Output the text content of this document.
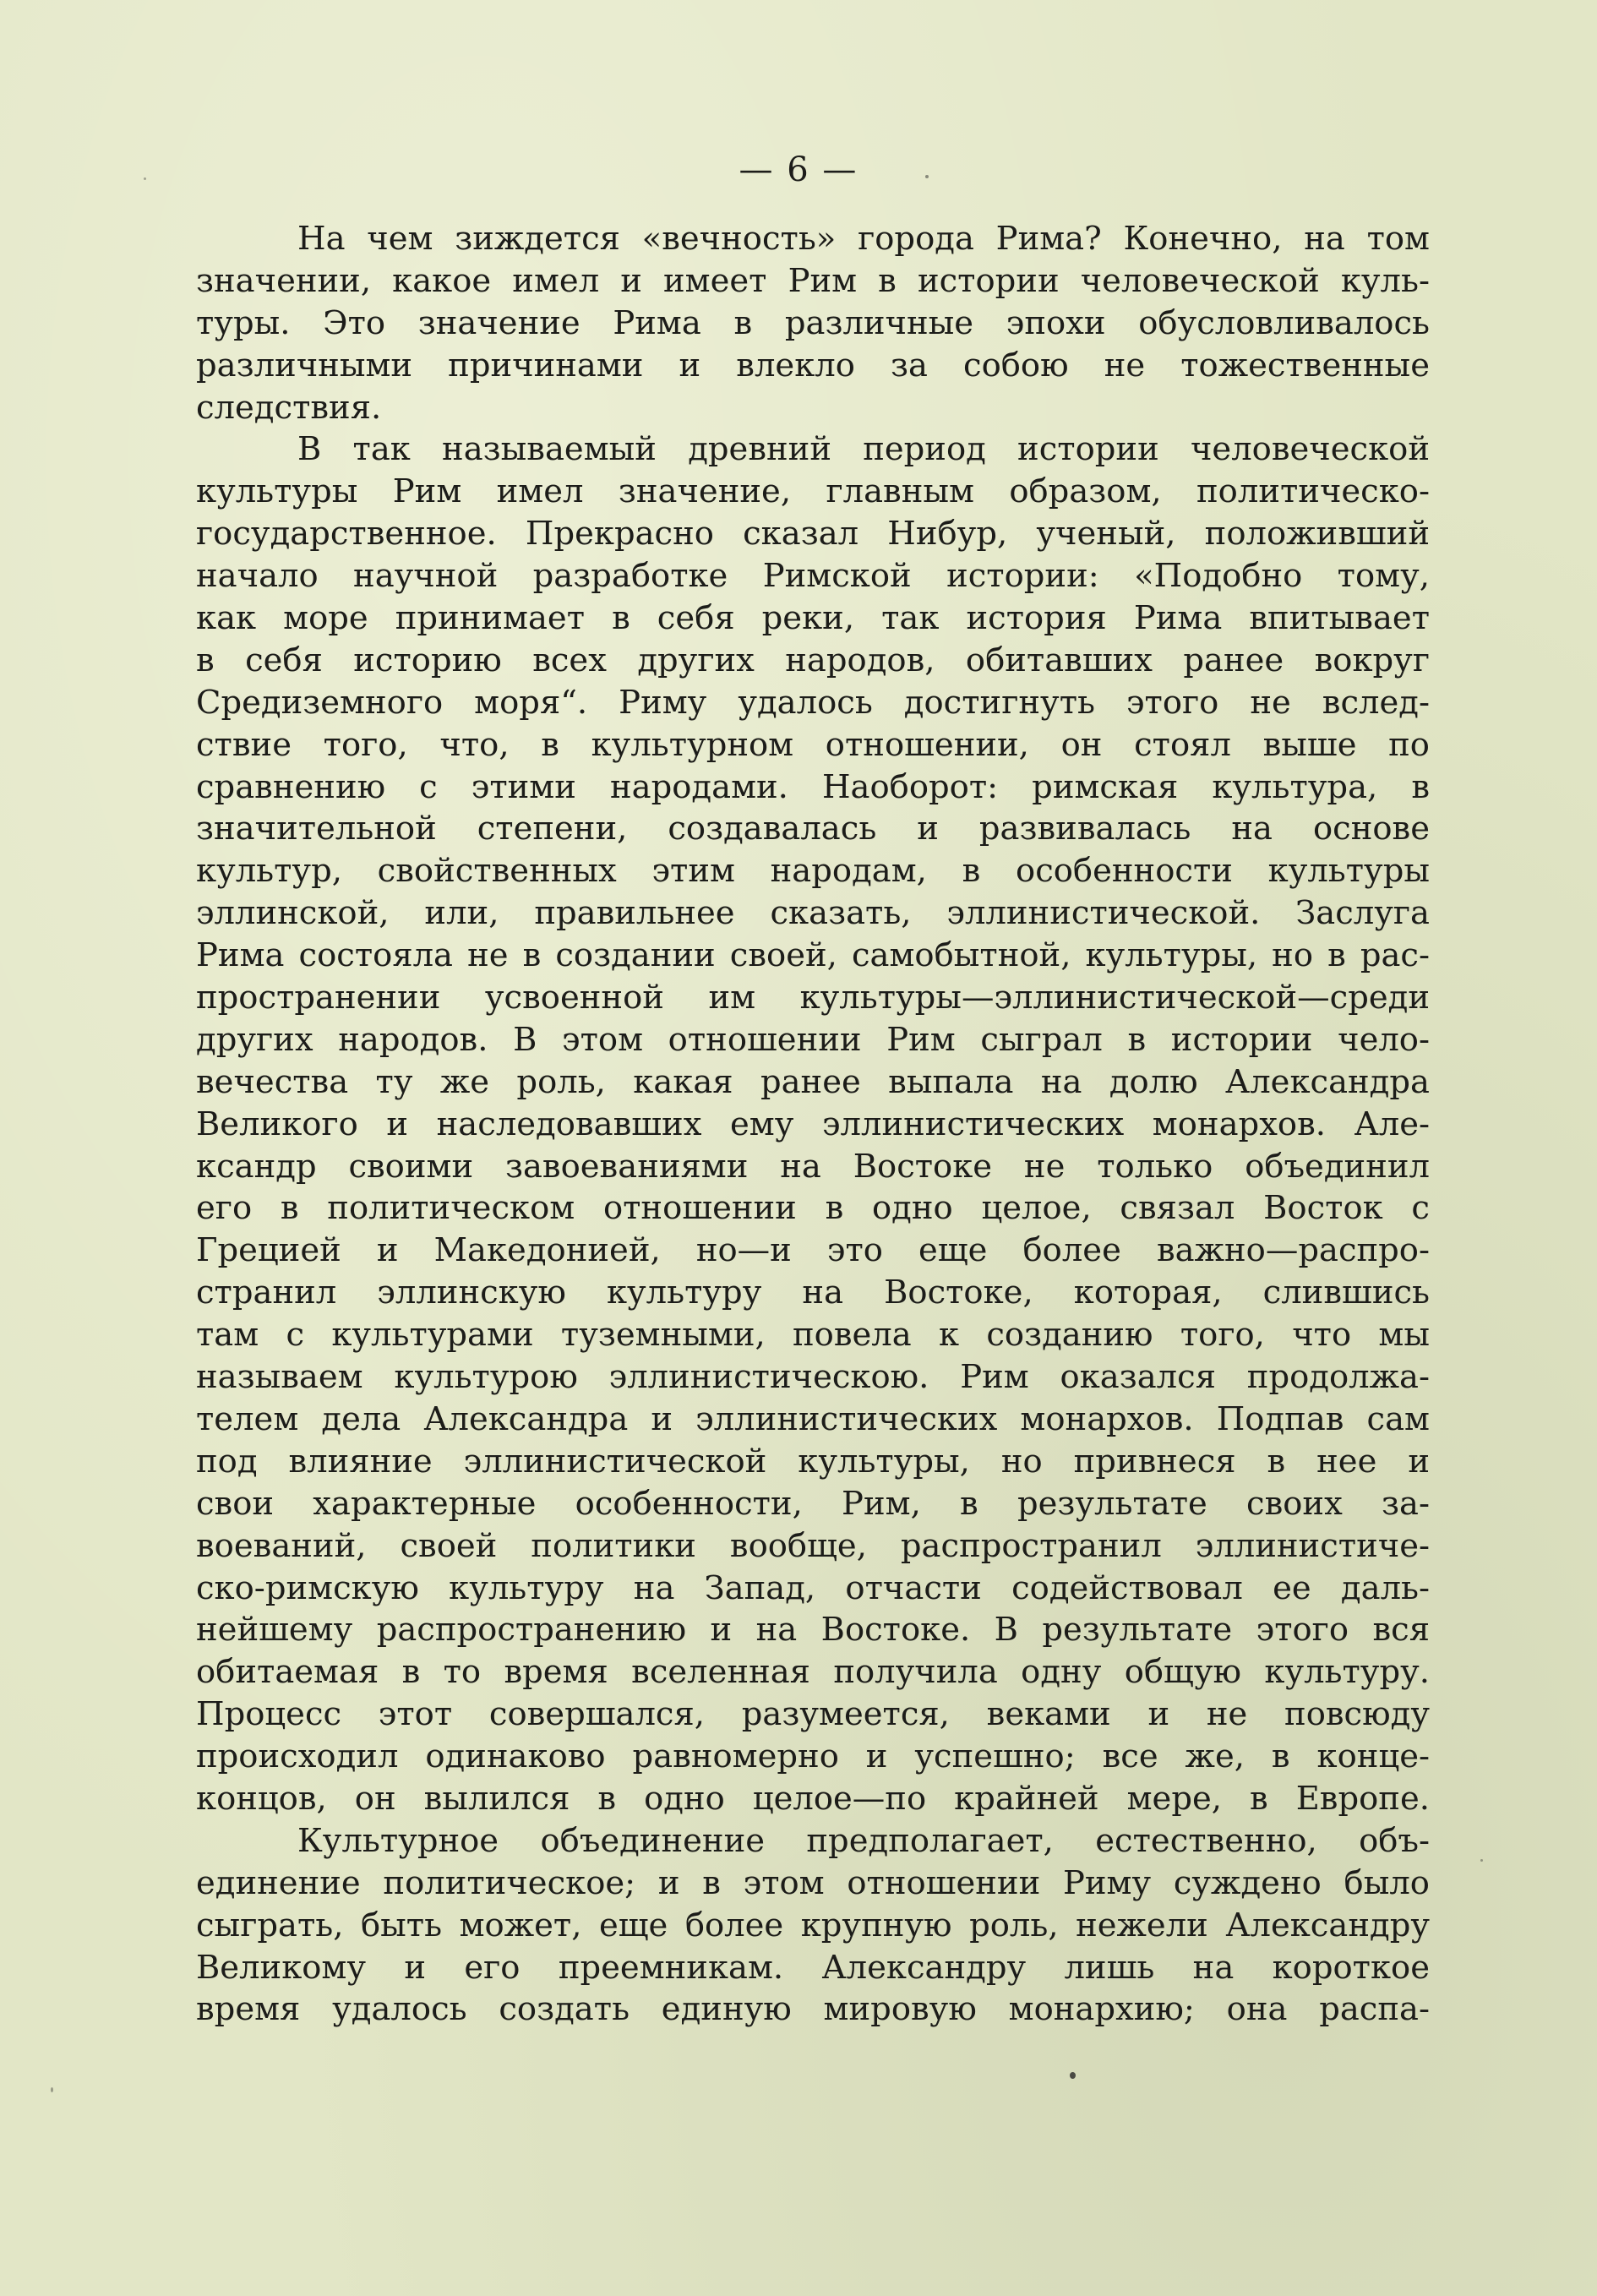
— 6 —
На чем зиждется «вечность» города Рима? Конечно, на том
значении, какое имел и имеет Рим в истории человеческой куль-
туры. Это значение Рима в различные эпохи обусловливалось
различными причинами и влекло за собою не тожественные
следствия.
В так называемый древний период истории человеческой
культуры Рим имел значение, главным образом, политическо-
государственное. Прекрасно сказал Нибур, ученый, положивший
начало научной разработке Римской истории: «Подобно тому,
как море принимает в себя реки, так история Рима впитывает
в себя историю всех других народов, обитавших ранее вокруг
Средиземного моря“. Риму удалось достигнуть этого не вслед-
ствие того, что, в культурном отношении, он стоял выше по
сравнению с этими народами. Наоборот: римская культура, в
значительной степени, создавалась и развивалась на основе
культур, свойственных этим народам, в особенности культуры
эллинской, или, правильнее сказать, эллинистической. Заслуга
Рима состояла не в создании своей, самобытной, культуры, но в рас-
пространении усвоенной им культуры—эллинистической—среди
других народов. В этом отношении Рим сыграл в истории чело-
вечества ту же роль, какая ранее выпала на долю Александра
Великого и наследовавших ему эллинистических монархов. Але-
ксандр своими завоеваниями на Востоке не только объединил
его в политическом отношении в одно целое, связал Восток с
Грецией и Македонией, но—и это еще более важно—распро-
странил эллинскую культуру на Востоке, которая, слившись
там с культурами туземными, повела к созданию того, что мы
называем культурою эллинистическою. Рим оказался продолжа-
телем дела Александра и эллинистических монархов. Подпав сам
под влияние эллинистической культуры, но привнеся в нее и
свои характерные особенности, Рим, в результате своих за-
воеваний, своей политики вообще, распространил эллинистиче-
ско-римскую культуру на Запад, отчасти содействовал ее даль-
нейшему распространению и на Востоке. В результате этого вся
обитаемая в то время вселенная получила одну общую культуру.
Процесс этот совершался, разумеется, веками и не повсюду
происходил одинаково равномерно и успешно; все же, в конце-
концов, он вылился в одно целое—по крайней мере, в Европе.
Культурное объединение предполагает, естественно, объ-
единение политическое; и в этом отношении Риму суждено было
сыграть, быть может, еще более крупную роль, нежели Александру
Великому и его преемникам. Александру лишь на короткое
время удалось создать единую мировую монархию; она распа-
